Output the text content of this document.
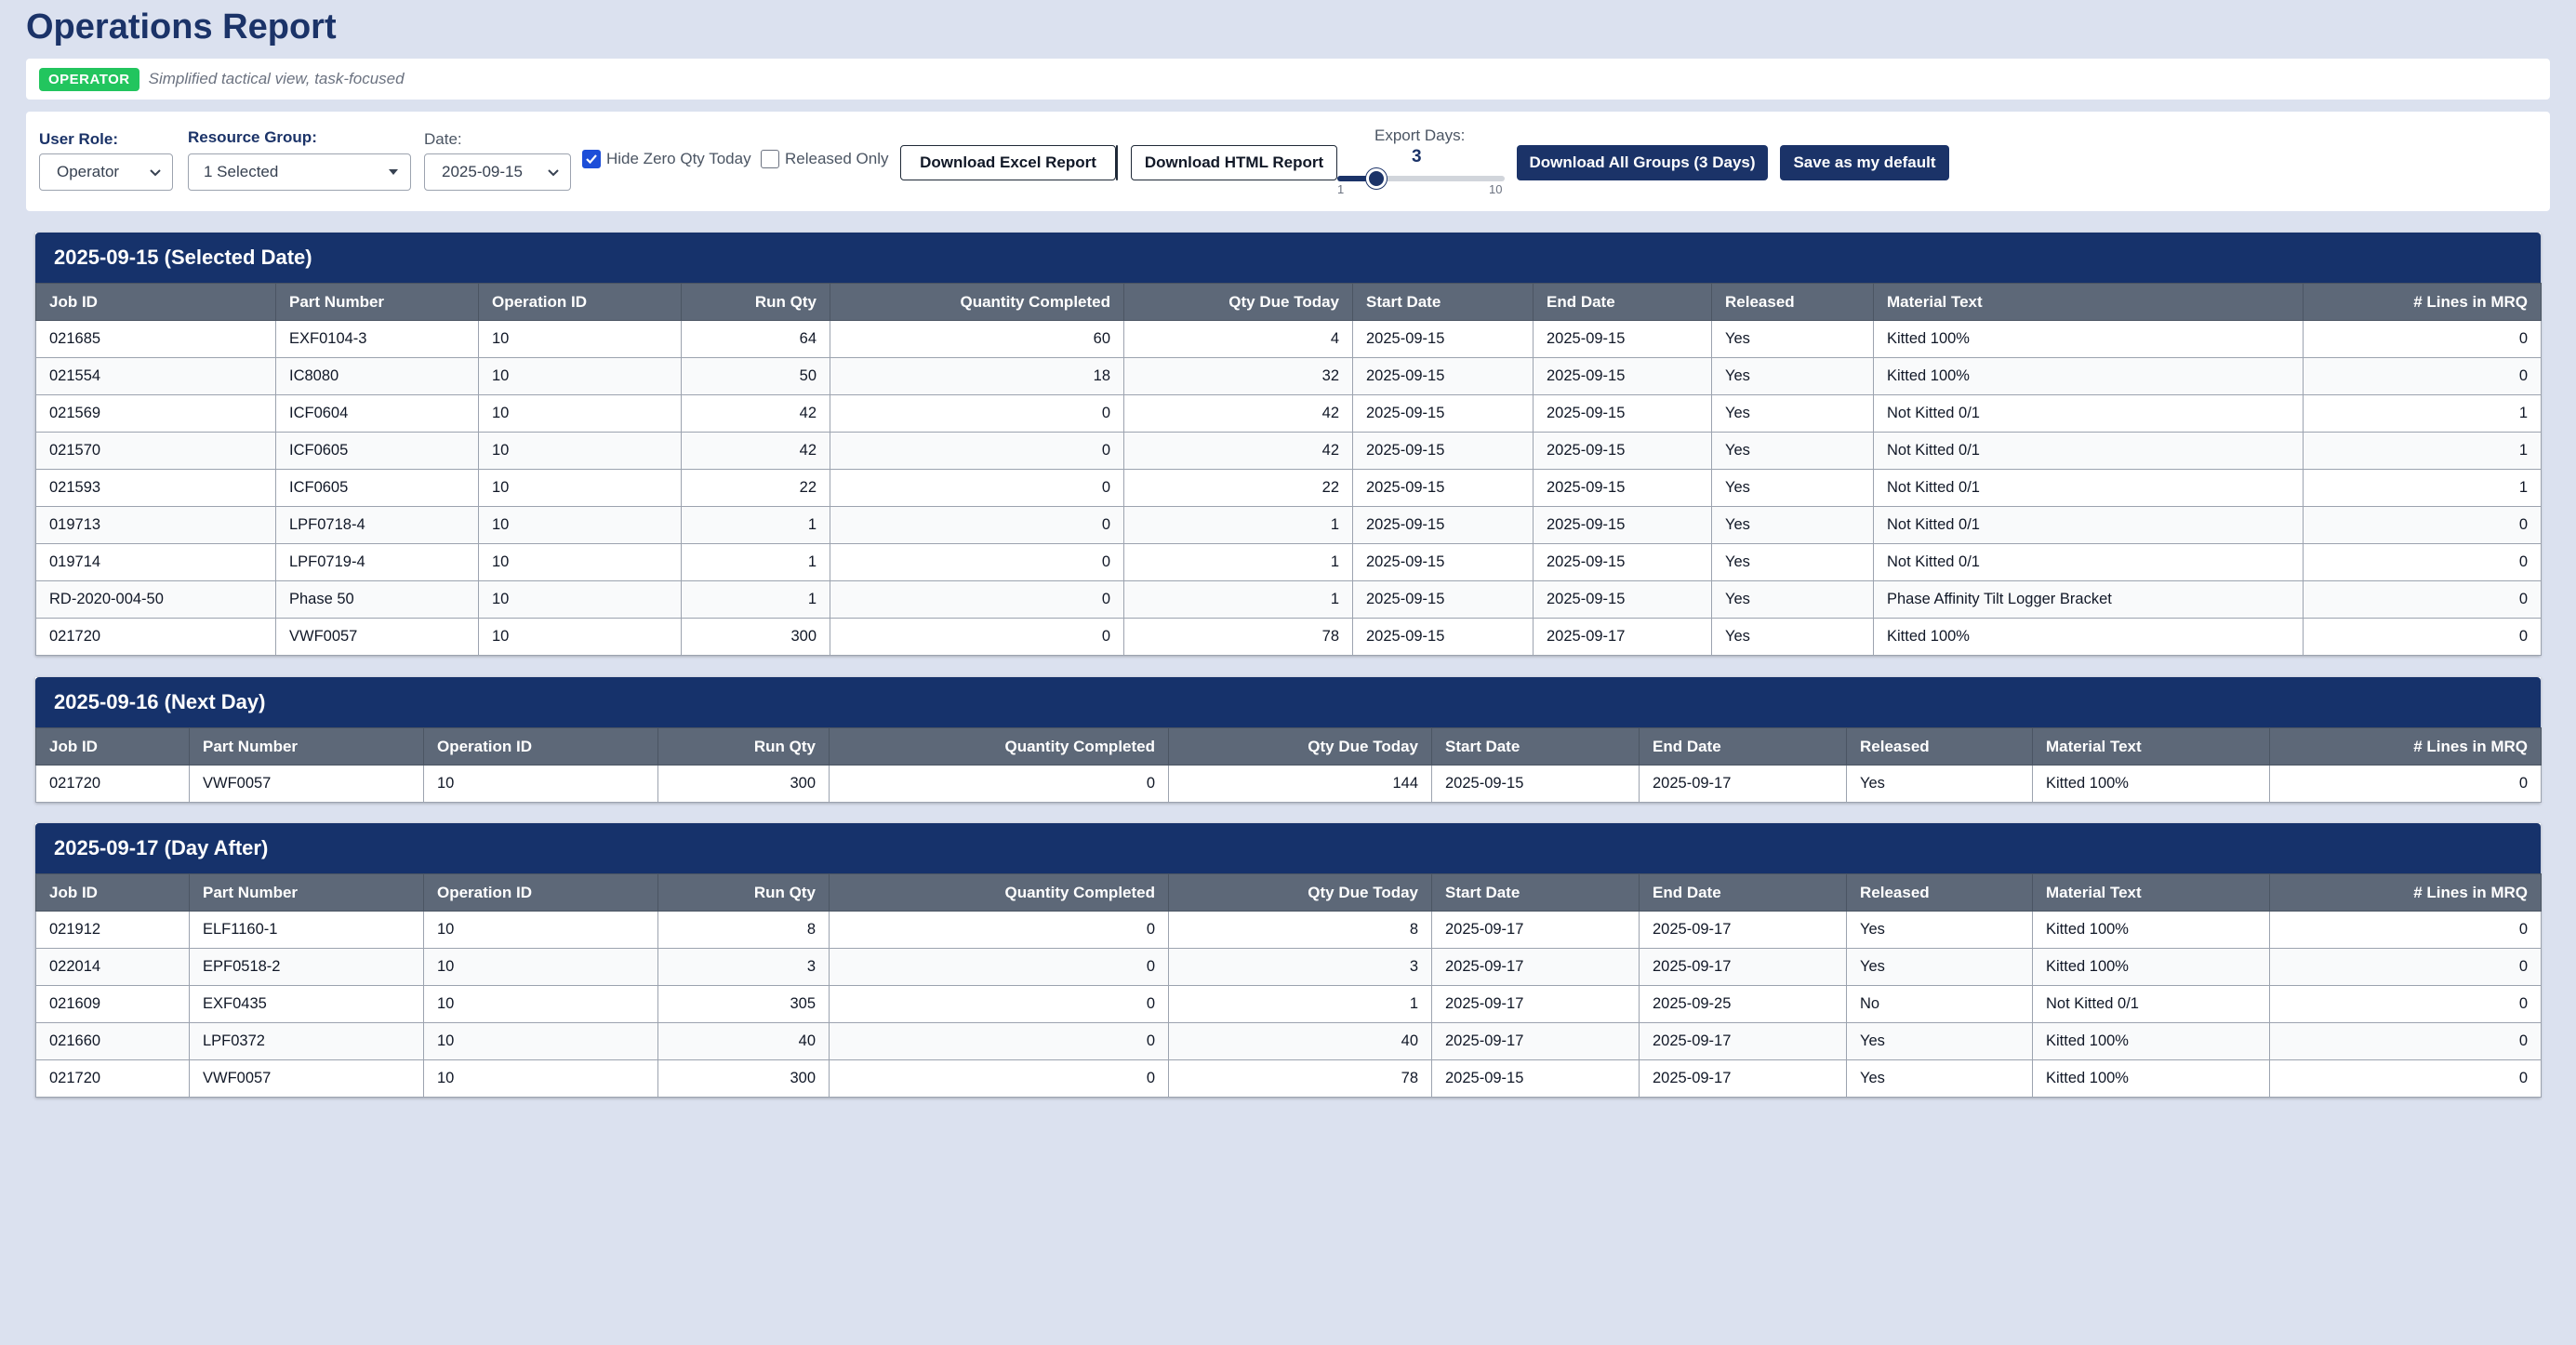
Operations Report
OPERATOR	Simplified tactical view, task-focused
User Role:
Operator
Resource Group:
1 Selected
Date:
2025-09-15
Hide Zero Qty Today Released Only	Download Excel Report	Download HTML Report
Export Days:
3
1	10
Download All Groups (3 Days)	Save as my default
2025-09-15 (Selected Date)
Job ID	Part Number	Operation ID	Run Qty	Quantity Completed	Qty Due Today	Start Date	End Date	Released	Material Text	# Lines in MRQ
021685	EXF0104-3	10	64	60	4	2025-09-15	2025-09-15	Yes	Kitted 100%	0
021554	IC8080	10	50	18	32	2025-09-15	2025-09-15	Yes	Kitted 100%	0
021569	ICF0604	10	42	0	42	2025-09-15	2025-09-15	Yes	Not Kitted 0/1	1
021570	ICF0605	10	42	0	42	2025-09-15	2025-09-15	Yes	Not Kitted 0/1	1
021593	ICF0605	10	22	0	22	2025-09-15	2025-09-15	Yes	Not Kitted 0/1	1
019713	LPF0718-4	10	1	0	1	2025-09-15	2025-09-15	Yes	Not Kitted 0/1	0
019714	LPF0719-4	10	1	0	1	2025-09-15	2025-09-15	Yes	Not Kitted 0/1	0
RD-2020-004-50	Phase 50	10	1	0	1	2025-09-15	2025-09-15	Yes	Phase Affinity Tilt Logger Bracket	0
021720	VWF0057	10	300	0	78	2025-09-15	2025-09-17	Yes	Kitted 100%	0
2025-09-16 (Next Day)
Job ID	Part Number	Operation ID	Run Qty	Quantity Completed	Qty Due Today	Start Date	End Date	Released	Material Text	# Lines in MRQ
021720	VWF0057	10	300	0	144	2025-09-15	2025-09-17	Yes	Kitted 100%	0
2025-09-17 (Day After)
Job ID	Part Number	Operation ID	Run Qty	Quantity Completed	Qty Due Today	Start Date	End Date	Released	Material Text	# Lines in MRQ
021912	ELF1160-1	10	8	0	8	2025-09-17	2025-09-17	Yes	Kitted 100%	0
022014	EPF0518-2	10	3	0	3	2025-09-17	2025-09-17	Yes	Kitted 100%	0
021609	EXF0435	10	305	0	1	2025-09-17	2025-09-25	No	Not Kitted 0/1	0
021660	LPF0372	10	40	0	40	2025-09-17	2025-09-17	Yes	Kitted 100%	0
021720	VWF0057	10	300	0	78	2025-09-15	2025-09-17	Yes	Kitted 100%	0
